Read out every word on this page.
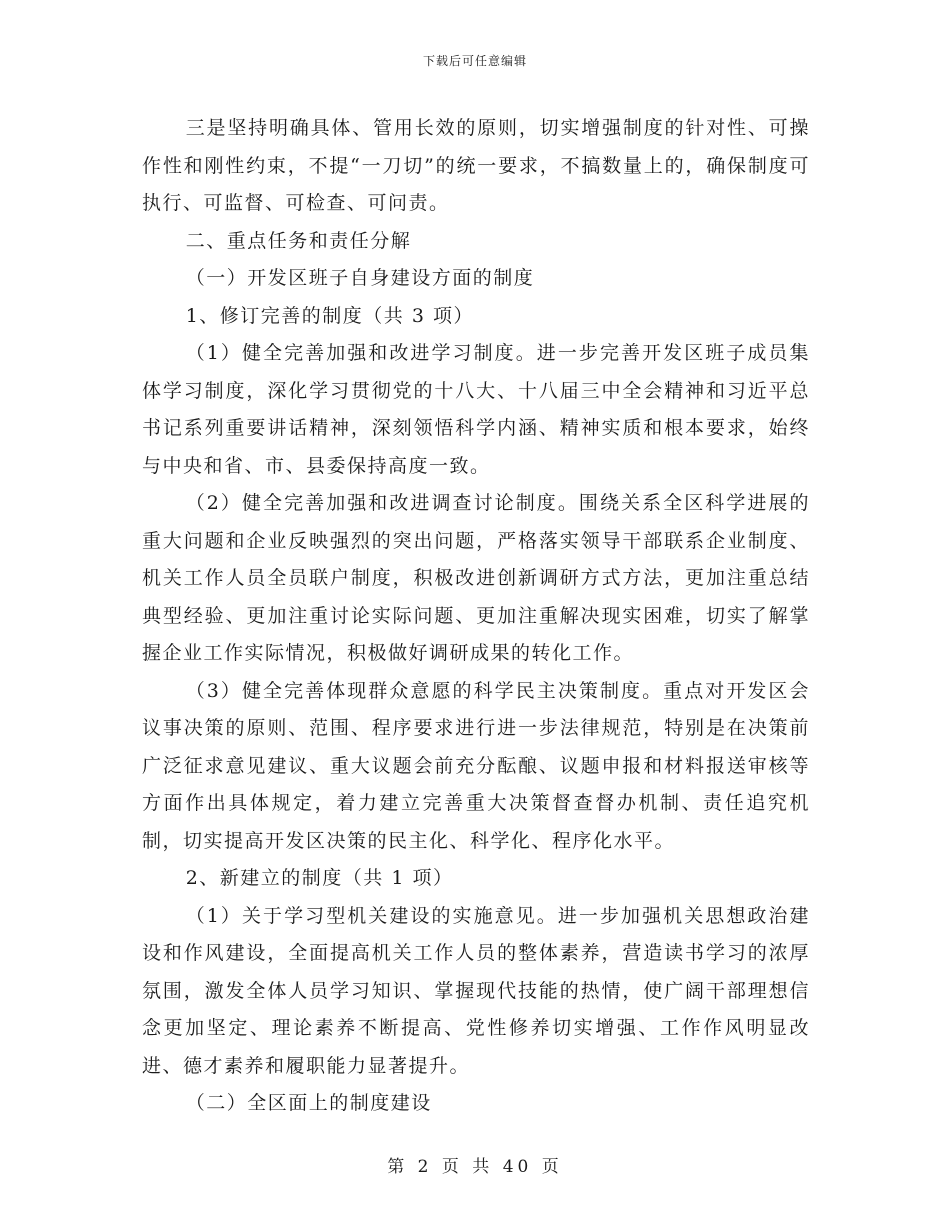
下载后可任意编辑

三是坚持明确具体、管用长效的原则，切实增强制度的针对性、可操作性和刚性约束，不提“一刀切”的统一要求，不搞数量上的，确保制度可执行、可监督、可检查、可问责。

二、重点任务和责任分解

（一）开发区班子自身建设方面的制度

1、修订完善的制度（共 3 项）

（1）健全完善加强和改进学习制度。进一步完善开发区班子成员集体学习制度，深化学习贯彻党的十八大、十八届三中全会精神和习近平总书记系列重要讲话精神，深刻领悟科学内涵、精神实质和根本要求，始终与中央和省、市、县委保持高度一致。

（2）健全完善加强和改进调查讨论制度。围绕关系全区科学进展的重大问题和企业反映强烈的突出问题，严格落实领导干部联系企业制度、机关工作人员全员联户制度，积极改进创新调研方式方法，更加注重总结典型经验、更加注重讨论实际问题、更加注重解决现实困难，切实了解掌握企业工作实际情况，积极做好调研成果的转化工作。

（3）健全完善体现群众意愿的科学民主决策制度。重点对开发区会议事决策的原则、范围、程序要求进行进一步法律规范，特别是在决策前广泛征求意见建议、重大议题会前充分酝酿、议题申报和材料报送审核等方面作出具体规定，着力建立完善重大决策督查督办机制、责任追究机制，切实提高开发区决策的民主化、科学化、程序化水平。

2、新建立的制度（共 1 项）

（1）关于学习型机关建设的实施意见。进一步加强机关思想政治建设和作风建设，全面提高机关工作人员的整体素养，营造读书学习的浓厚氛围，激发全体人员学习知识、掌握现代技能的热情，使广阔干部理想信念更加坚定、理论素养不断提高、党性修养切实增强、工作作风明显改进、德才素养和履职能力显著提升。

（二）全区面上的制度建设

第 2 页 共 40 页
